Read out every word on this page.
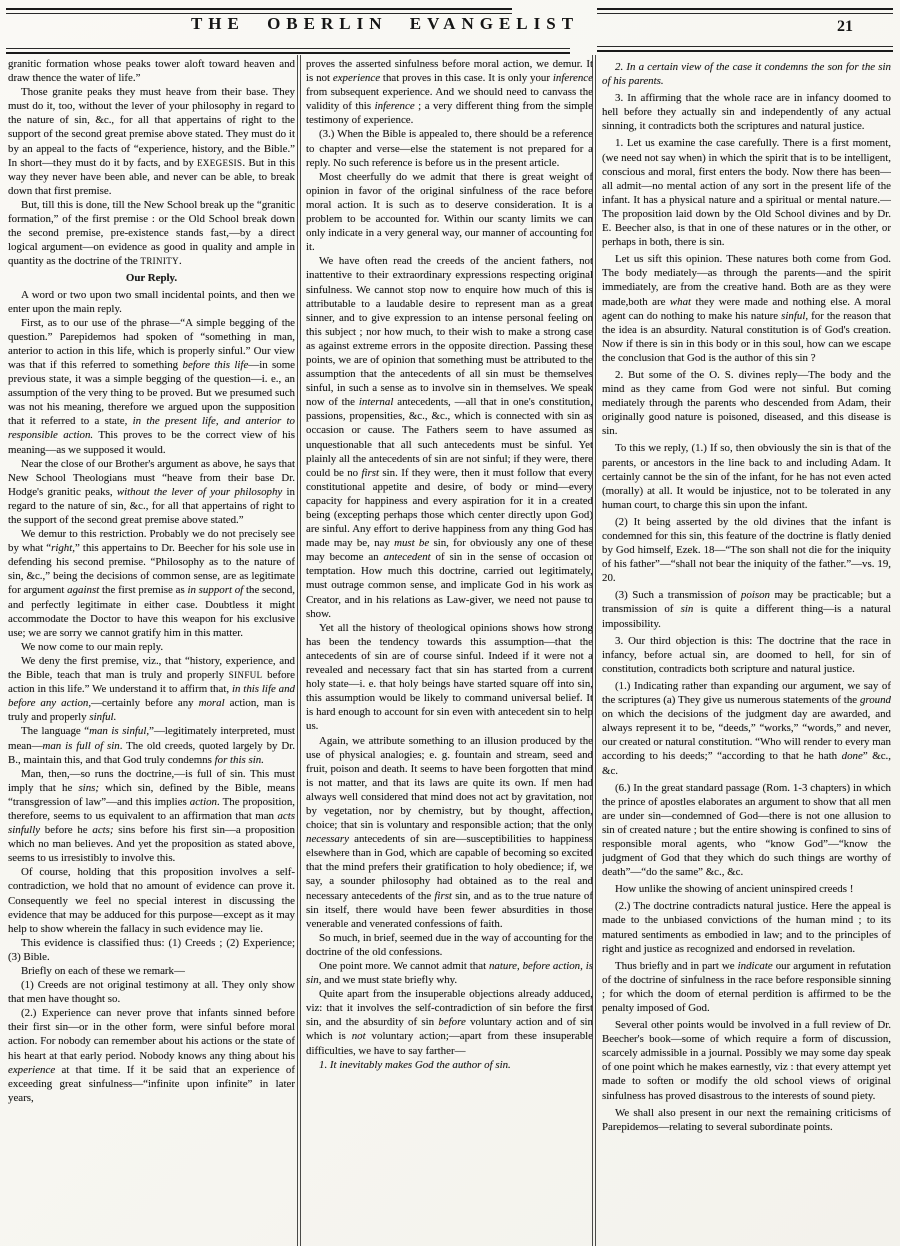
THE OBERLIN EVANGELIST	21

granitic formation whose peaks tower aloft toward heaven and draw thence the water of life.”

Those granite peaks they must heave from their base. They must do it, too, without the lever of your philosophy in regard to the nature of sin, &c., for all that appertains of right to the support of the second great premise above stated. They must do it by an appeal to the facts of “experience, history, and the Bible.” In short—they must do it by facts, and by EXEGESIS. But in this way they never have been able, and never can be able, to break down that first premise.

But, till this is done, till the New School break up the “granitic formation,” of the first premise : or the Old School break down the second premise, pre-existence stands fast,—by a direct logical argument—on evidence as good in quality and ample in quantity as the doctrine of the TRINITY.

Our Reply.

A word or two upon two small incidental points, and then we enter upon the main reply.

First, as to our use of the phrase—“A simple begging of the question.” Parepidemos had spoken of “something in man, anterior to action in this life, which is properly sinful.” Our view was that if this referred to something before this life—in some previous state, it was a simple begging of the question—i. e., an assumption of the very thing to be proved. But we presumed such was not his meaning, therefore we argued upon the supposition that it referred to a state, in the present life, and anterior to responsible action. This proves to be the correct view of his meaning—as we supposed it would.

Near the close of our Brother's argument as above, he says that New School Theologians must “heave from their base Dr. Hodge's granitic peaks, without the lever of your philosophy in regard to the nature of sin, &c., for all that appertains of right to the support of the second great premise above stated.”

We demur to this restriction. Probably we do not precisely see by what “right,” this appertains to Dr. Beecher for his sole use in defending his second premise. “Philosophy as to the nature of sin, &c.,” being the decisions of common sense, are as legitimate for argument against the first premise as in support of the second, and perfectly legitimate in either case. Doubtless it might accommodate the Doctor to have this weapon for his exclusive use; we are sorry we cannot gratify him in this matter.

We now come to our main reply.

We deny the first premise, viz., that “history, experience, and the Bible, teach that man is truly and properly SINFUL before action in this life.” We understand it to affirm that, in this life and before any action,—certainly before any moral action, man is truly and properly sinful.

The language “man is sinful,”—legitimately interpreted, must mean—man is full of sin. The old creeds, quoted largely by Dr. B., maintain this, and that God truly condemns for this sin.

Man, then,—so runs the doctrine,—is full of sin. This must imply that he sins; which sin, defined by the Bible, means “transgression of law”—and this implies action. The proposition, therefore, seems to us equivalent to an affirmation that man acts sinfully before he acts; sins before his first sin—a proposition which no man believes. And yet the proposition as stated above, seems to us irresistibly to involve this.

Of course, holding that this proposition involves a self-contradiction, we hold that no amount of evidence can prove it. Consequently we feel no special interest in discussing the evidence that may be adduced for this purpose—except as it may help to show wherein the fallacy in such evidence may lie.

This evidence is classified thus: (1) Creeds ; (2) Experience; (3) Bible.

Briefly on each of these we remark—

(1) Creeds are not original testimony at all. They only show that men have thought so.

(2.) Experience can never prove that infants sinned before their first sin—or in the other form, were sinful before moral action. For nobody can remember about his actions or the state of his heart at that early period. Nobody knows any thing about his experience at that time. If it be said that an experience of exceeding great sinfulness—“infinite upon infinite” in later years,

proves the asserted sinfulness before moral action, we demur. It is not experience that proves in this case. It is only your inference from subsequent experience. And we should need to canvass the validity of this inference ; a very different thing from the simple testimony of experience.

(3.) When the Bible is appealed to, there should be a reference to chapter and verse—else the statement is not prepared for a reply. No such reference is before us in the present article.

Most cheerfully do we admit that there is great weight of opinion in favor of the original sinfulness of the race before moral action. It is such as to deserve consideration. It is a problem to be accounted for. Within our scanty limits we can only indicate in a very general way, our manner of accounting for it.

We have often read the creeds of the ancient fathers, not inattentive to their extraordinary expressions respecting original sinfulness. We cannot stop now to enquire how much of this is attributable to a laudable desire to represent man as a great sinner, and to give expression to an intense personal feeling on this subject ; nor how much, to their wish to make a strong case as against extreme errors in the opposite direction. Passing these points, we are of opinion that something must be attributed to the assumption that the antecedents of all sin must be themselves sinful, in such a sense as to involve sin in themselves. We speak now of the internal antecedents, —all that in one's constitution, passions, propensities, &c., &c., which is connected with sin as occasion or cause. The Fathers seem to have assumed as unquestionable that all such antecedents must be sinful. Yet plainly all the antecedents of sin are not sinful; if they were, there could be no first sin. If they were, then it must follow that every constitutional appetite and desire, of body or mind—every capacity for happiness and every aspiration for it in a created being (excepting perhaps those which center directly upon God) are sinful. Any effort to derive happiness from any thing God has made may be, nay must be sin, for obviously any one of these may become an antecedent of sin in the sense of occasion or temptation. How much this doctrine, carried out legitimately, must outrage common sense, and implicate God in his work as Creator, and in his relations as Law-giver, we need not pause to show.

Yet all the history of theological opinions shows how strong has been the tendency towards this assumption—that the antecedents of sin are of course sinful. Indeed if it were not a revealed and necessary fact that sin has started from a current holy state—i. e. that holy beings have started square off into sin, this assumption would be likely to command universal belief. It is hard enough to account for sin even with antecedent sin to help us.

Again, we attribute something to an illusion produced by the use of physical analogies; e. g. fountain and stream, seed and fruit, poison and death. It seems to have been forgotten that mind is not matter, and that its laws are quite its own. If men had always well considered that mind does not act by gravitation, nor by vegetation, nor by chemistry, but by thought, affection, choice; that sin is voluntary and responsible action; that the only necessary antecedents of sin are—susceptibilities to happiness elsewhere than in God, which are capable of becoming so excited that the mind prefers their gratification to holy obedience; if, we say, a sounder philosophy had obtained as to the real and necessary antecedents of the first sin, and as to the true nature of sin itself, there would have been fewer absurdities in those venerable and venerated confessions of faith.

So much, in brief, seemed due in the way of accounting for the doctrine of the old confessions.

One point more. We cannot admit that nature, before action, is sin, and we must state briefly why.

Quite apart from the insuperable objections already adduced, viz: that it involves the self-contradiction of sin before the first sin, and the absurdity of sin before voluntary action and of sin which is not voluntary action;—apart from these insuperable difficulties, we have to say farther—

1. It inevitably makes God the author of sin.

2. In a certain view of the case it condemns the son for the sin of his parents.

3. In affirming that the whole race are in infancy doomed to hell before they actually sin and independently of any actual sinning, it contradicts both the scriptures and natural justice.

1. Let us examine the case carefully. There is a first moment, (we need not say when) in which the spirit that is to be intelligent, conscious and moral, first enters the body. Now there has been—all admit—no mental action of any sort in the present life of the infant. It has a physical nature and a spiritual or mental nature.— The proposition laid down by the Old School divines and by Dr. E. Beecher also, is that in one of these natures or in the other, or perhaps in both, there is sin.

Let us sift this opinion. These natures both come from God. The body mediately—as through the parents—and the spirit immediately, are from the creative hand. Both are as they were made,both are what they were made and nothing else. A moral agent can do nothing to make his nature sinful, for the reason that the idea is an absurdity. Natural constitution is of God's creation. Now if there is sin in this body or in this soul, how can we escape the conclusion that God is the author of this sin ?

2. But some of the O. S. divines reply—The body and the mind as they came from God were not sinful. But coming mediately through the parents who descended from Adam, their originally good nature is poisoned, diseased, and this disease is sin.

To this we reply, (1.) If so, then obviously the sin is that of the parents, or ancestors in the line back to and including Adam. It certainly cannot be the sin of the infant, for he has not even acted (morally) at all. It would be injustice, not to be tolerated in any human court, to charge this sin upon the infant.

(2) It being asserted by the old divines that the infant is condemned for this sin, this feature of the doctrine is flatly denied by God himself, Ezek. 18—“The son shall not die for the iniquity of his father”—“shall not bear the iniquity of the father.”—vs. 19, 20.

(3) Such a transmission of poison may be practicable; but a transmission of sin is quite a different thing—is a natural impossibility.

3. Our third objection is this: The doctrine that the race in infancy, before actual sin, are doomed to hell, for sin of constitution, contradicts both scripture and natural justice.

(1.) Indicating rather than expanding our argument, we say of the scriptures (a) They give us numerous statements of the ground on which the decisions of the judgment day are awarded, and always represent it to be, “deeds,” “works,” “words,” and never, our created or natural constitution. “Who will render to every man according to his deeds;” “according to that he hath done” &c., &c.

(6.) In the great standard passage (Rom. 1-3 chapters) in which the prince of apostles elaborates an argument to show that all men are under sin—condemned of God—there is not one allusion to sin of created nature ; but the entire showing is confined to sins of responsible moral agents, who “know God”—“know the judgment of God that they which do such things are worthy of death”—“do the same” &c., &c.

How unlike the showing of ancient uninspired creeds !

(2.) The doctrine contradicts natural justice. Here the appeal is made to the unbiased convictions of the human mind ; to its matured sentiments as embodied in law; and to the principles of right and justice as recognized and endorsed in revelation.

Thus briefly and in part we indicate our argument in refutation of the doctrine of sinfulness in the race before responsible sinning ; for which the doom of eternal perdition is affirmed to be the penalty imposed of God.

Several other points would be involved in a full review of Dr. Beecher's book—some of which require a form of discussion, scarcely admissible in a journal. Possibly we may some day speak of one point which he makes earnestly, viz : that every attempt yet made to soften or modify the old school views of original sinfulness has proved disastrous to the interests of sound piety.

We shall also present in our next the remaining criticisms of Parepidemos—relating to several subordinate points.
